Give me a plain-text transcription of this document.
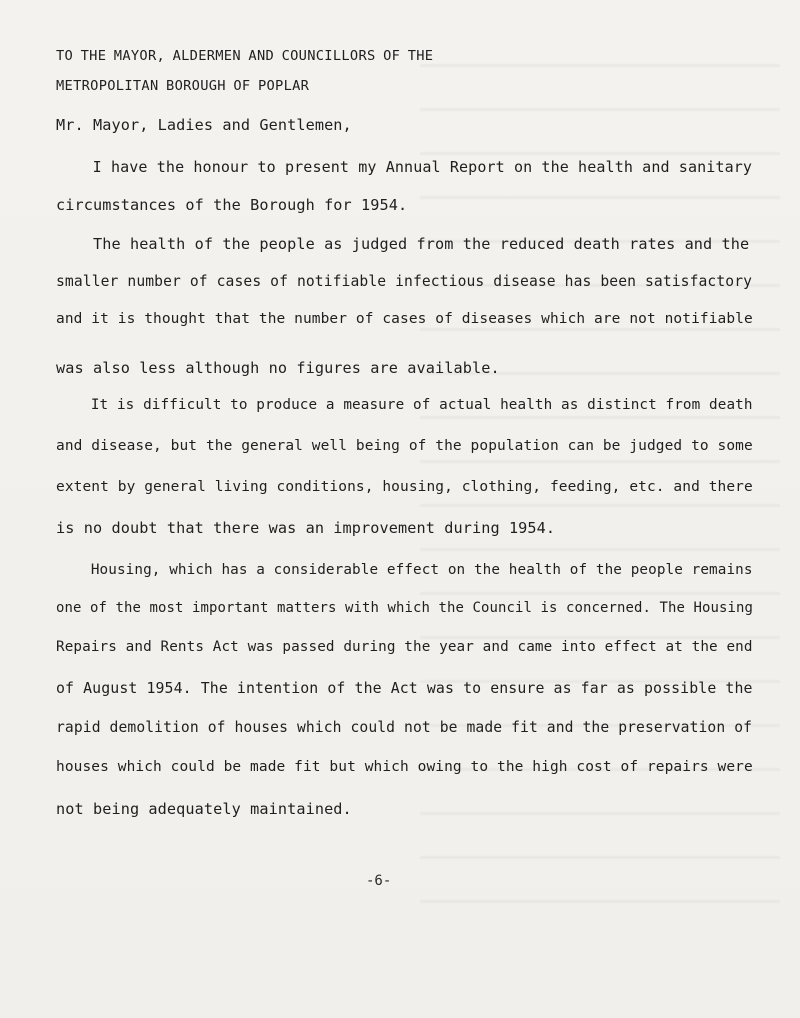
TO THE MAYOR, ALDERMEN AND COUNCILLORS OF THE
METROPOLITAN BOROUGH OF POPLAR
Mr. Mayor, Ladies and Gentlemen,
I have the honour to present my Annual Report on the health and sanitary
circumstances of the Borough for 1954.
The health of the people as judged from the reduced death rates and the
smaller number of cases of notifiable infectious disease has been satisfactory
and it is thought that the number of cases of diseases which are not notifiable
was also less although no figures are available.
It is difficult to produce a measure of actual health as distinct from death
and disease, but the general well being of the population can be judged to some
extent by general living conditions, housing, clothing, feeding, etc. and there
is no doubt that there was an improvement during 1954.
Housing, which has a considerable effect on the health of the people remains
one of the most important matters with which the Council is concerned. The Housing
Repairs and Rents Act was passed during the year and came into effect at the end
of August 1954. The intention of the Act was to ensure as far as possible the
rapid demolition of houses which could not be made fit and the preservation of
houses which could be made fit but which owing to the high cost of repairs were
not being adequately maintained.
-6-
